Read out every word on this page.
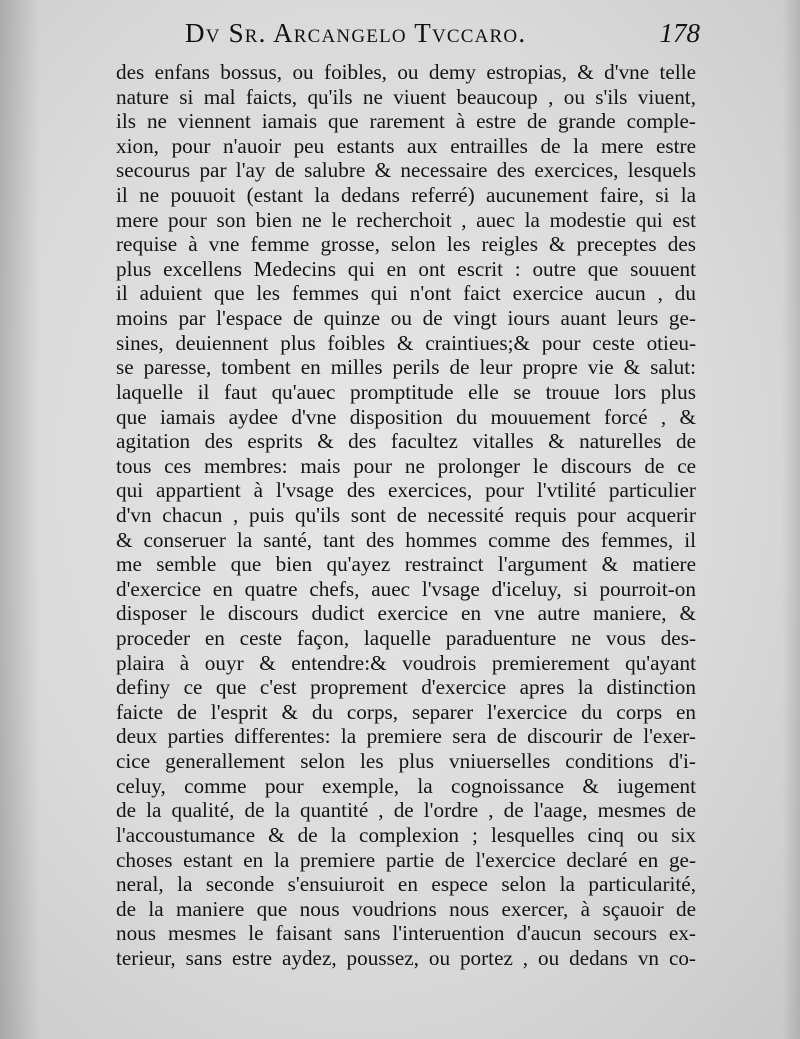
Dv Sr. Arcangelo Tvccaro.	178
des enfans bossus, ou foibles, ou demy estropias, & d'vne telle
nature si mal faicts, qu'ils ne viuent beaucoup , ou s'ils viuent,
ils ne viennent iamais que rarement à estre de grande comple-
xion, pour n'auoir peu estants aux entrailles de la mere estre
secourus par l'ay de salubre & necessaire des exercices, lesquels
il ne pouuoit (estant la dedans referré) aucunement faire, si la
mere pour son bien ne le recherchoit , auec la modestie qui est
requise à vne femme grosse, selon les reigles & preceptes des
plus excellens Medecins qui en ont escrit : outre que souuent
il aduient que les femmes qui n'ont faict exercice aucun , du
moins par l'espace de quinze ou de vingt iours auant leurs ge-
sines, deuiennent plus foibles & craintiues;& pour ceste otieu-
se paresse, tombent en milles perils de leur propre vie & salut:
laquelle il faut qu'auec promptitude elle se trouue lors plus
que iamais aydee d'vne disposition du mouuement forcé , &
agitation des esprits & des facultez vitalles & naturelles de
tous ces membres: mais pour ne prolonger le discours de ce
qui appartient à l'vsage des exercices, pour l'vtilité particulier
d'vn chacun , puis qu'ils sont de necessité requis pour acquerir
& conseruer la santé, tant des hommes comme des femmes, il
me semble que bien qu'ayez restrainct l'argument & matiere
d'exercice en quatre chefs, auec l'vsage d'iceluy, si pourroit-on
disposer le discours dudict exercice en vne autre maniere, &
proceder en ceste façon, laquelle paraduenture ne vous des-
plaira à ouyr & entendre:& voudrois premierement qu'ayant
definy ce que c'est proprement d'exercice apres la distinction
faicte de l'esprit & du corps, separer l'exercice du corps en
deux parties differentes: la premiere sera de discourir de l'exer-
cice generallement selon les plus vniuerselles conditions d'i-
celuy, comme pour exemple, la cognoissance & iugement
de la qualité, de la quantité , de l'ordre , de l'aage, mesmes de
l'accoustumance & de la complexion ; lesquelles cinq ou six
choses estant en la premiere partie de l'exercice declaré en ge-
neral, la seconde s'ensuiuroit en espece selon la particularité,
de la maniere que nous voudrions nous exercer, à sçauoir de
nous mesmes le faisant sans l'interuention d'aucun secours ex-
terieur, sans estre aydez, poussez, ou portez , ou dedans vn co-
